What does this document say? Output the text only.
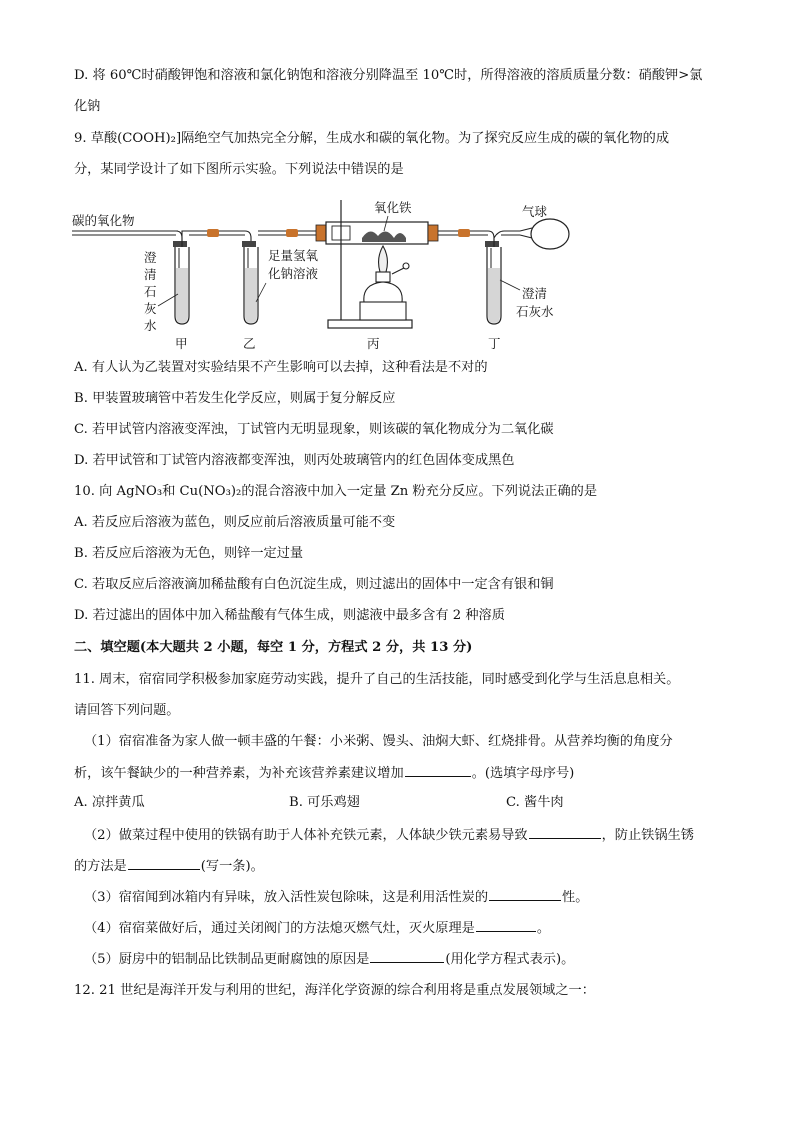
D. 将 60℃时硝酸钾饱和溶液和氯化钠饱和溶液分别降温至 10℃时，所得溶液的溶质质量分数：硝酸钾>氯
化钠
9. 草酸(COOH)₂]隔绝空气加热完全分解，生成水和碳的氧化物。为了探究反应生成的碳的氧化物的成
分，某同学设计了如下图所示实验。下列说法中错误的是
碳的氧化物
澄
清
石
灰
水
甲
足量氢氧
化钠溶液
乙
氧化铁
丙
澄清
石灰水
丁
气球
A. 有人认为乙装置对实验结果不产生影响可以去掉，这种看法是不对的
B. 甲装置玻璃管中若发生化学反应，则属于复分解反应
C. 若甲试管内溶液变浑浊，丁试管内无明显现象，则该碳的氧化物成分为二氧化碳
D. 若甲试管和丁试管内溶液都变浑浊，则丙处玻璃管内的红色固体变成黑色
10. 向 AgNO₃和 Cu(NO₃)₂的混合溶液中加入一定量 Zn 粉充分反应。下列说法正确的是
A. 若反应后溶液为蓝色，则反应前后溶液质量可能不变
B. 若反应后溶液为无色，则锌一定过量
C. 若取反应后溶液滴加稀盐酸有白色沉淀生成，则过滤出的固体中一定含有银和铜
D. 若过滤出的固体中加入稀盐酸有气体生成，则滤液中最多含有 2 种溶质
二、填空题(本大题共 2 小题，每空 1 分，方程式 2 分，共 13 分)
11. 周末，宿宿同学积极参加家庭劳动实践，提升了自己的生活技能，同时感受到化学与生活息息相关。
请回答下列问题。
（1）宿宿准备为家人做一顿丰盛的午餐：小米粥、馒头、油焖大虾、红烧排骨。从营养均衡的角度分
析，该午餐缺少的一种营养素，为补充该营养素建议增加	。(选填字母序号)
A. 凉拌黄瓜	B. 可乐鸡翅	C. 酱牛肉
（2）做菜过程中使用的铁锅有助于人体补充铁元素，人体缺少铁元素易导致	，防止铁锅生锈
的方法是	(写一条)。
（3）宿宿闻到冰箱内有异味，放入活性炭包除味，这是利用活性炭的	性。
（4）宿宿菜做好后，通过关闭阀门的方法熄灭燃气灶，灭火原理是	。
（5）厨房中的铝制品比铁制品更耐腐蚀的原因是	(用化学方程式表示)。
12. 21 世纪是海洋开发与利用的世纪，海洋化学资源的综合利用将是重点发展领域之一：
